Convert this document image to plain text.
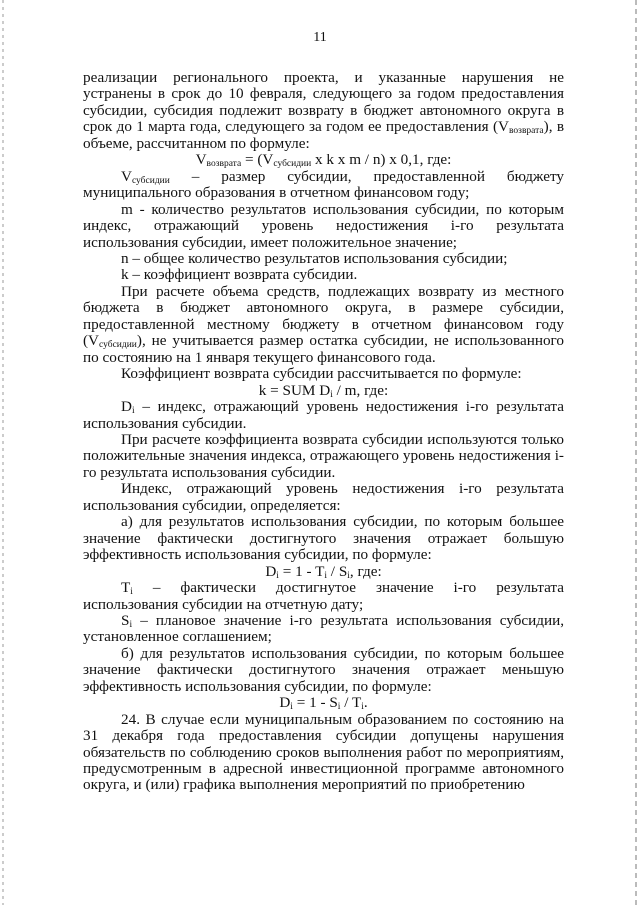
11
реализации регионального проекта, и указанные нарушения не устранены в срок до 10 февраля, следующего за годом предоставления субсидии, субсидия подлежит возврату в бюджет автономного округа в срок до 1 марта года, следующего за годом ее предоставления $(V_{возврата})$, в объеме, рассчитанном по формуле:
$V_{возврата} = (V_{субсидии}$ х k х m / n) х 0,1, где:
$V_{субсидии}$   –   размер   субсидии,   предоставленной   бюджету муниципального образования в отчетном финансовом году;
m - количество результатов использования субсидии, по которым индекс, отражающий уровень недостижения i-го результата использования субсидии, имеет положительное значение;
n – общее количество результатов использования субсидии;
k – коэффициент возврата субсидии.
При расчете объема средств, подлежащих возврату из местного бюджета в бюджет автономного округа, в размере субсидии, предоставленной местному бюджету в отчетном финансовом году $(V_{субсидии})$, не учитывается размер остатка субсидии, не использованного по состоянию на 1 января текущего финансового года.
Коэффициент возврата субсидии рассчитывается по формуле:
k = SUM $D_i$ / m, где:
$D_i$ – индекс, отражающий уровень недостижения i-го результата использования субсидии.
При расчете коэффициента возврата субсидии используются только положительные значения индекса, отражающего уровень недостижения i-го результата использования субсидии.
Индекс, отражающий уровень недостижения i-го результата использования субсидии, определяется:
а) для результатов использования субсидии, по которым большее значение фактически достигнутого значения отражает большую эффективность использования субсидии, по формуле:
$D_i = 1 - T_i / S_i$, где:
$T_i$ – фактически достигнутое значение i-го результата использования субсидии на отчетную дату;
$S_i$ – плановое значение i-го результата использования субсидии, установленное соглашением;
б) для результатов использования субсидии, по которым большее значение фактически достигнутого значения отражает меньшую эффективность использования субсидии, по формуле:
$D_i = 1 - S_i / T_i$.
24. В случае если муниципальным образованием по состоянию на 31 декабря года предоставления субсидии допущены нарушения обязательств по соблюдению сроков выполнения работ по мероприятиям, предусмотренным в адресной инвестиционной программе автономного округа, и (или) графика выполнения мероприятий по приобретению
